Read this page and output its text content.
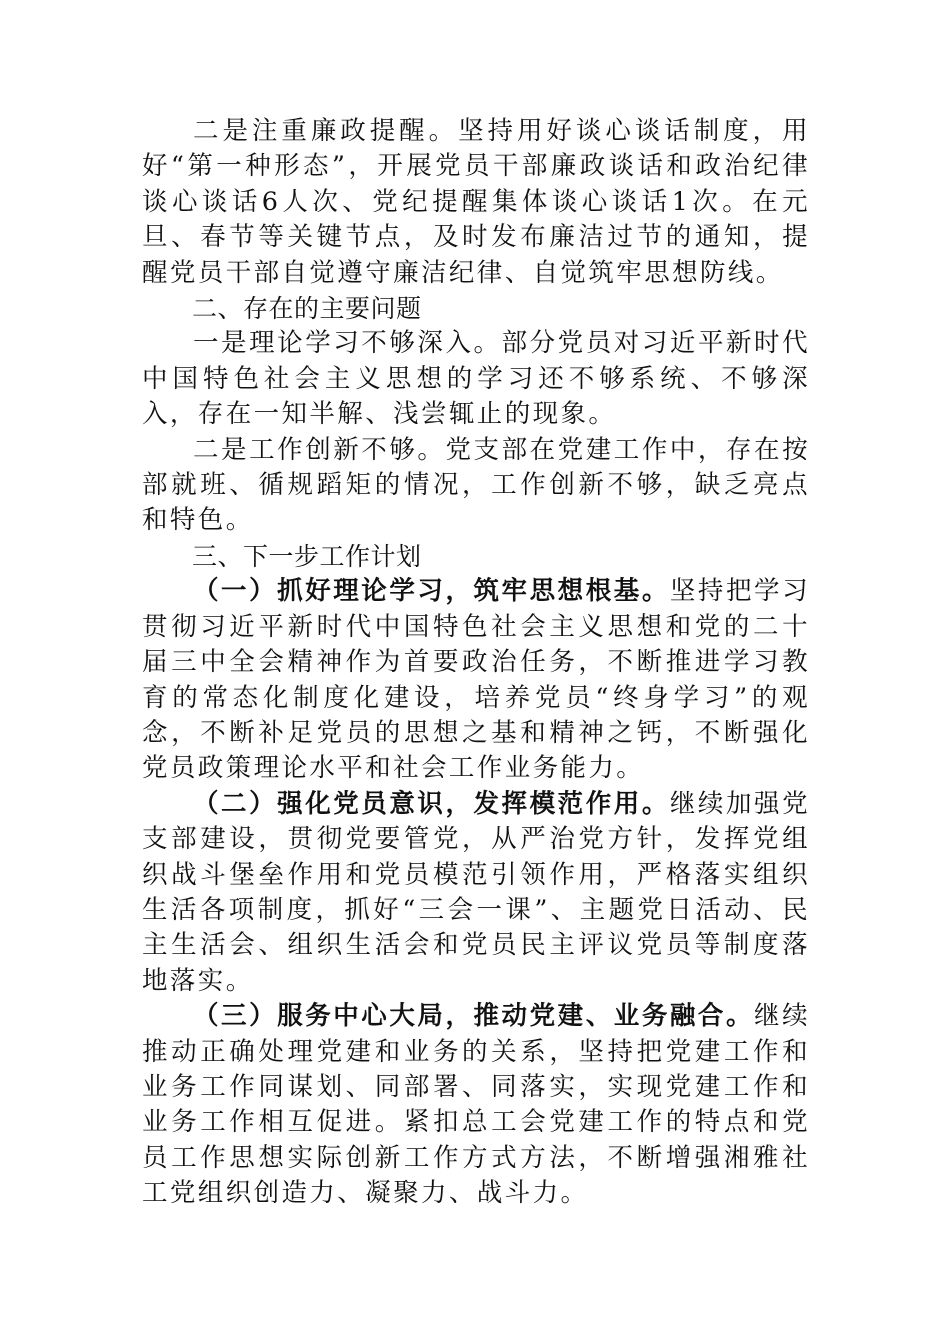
二是注重廉政提醒。坚持用好谈心谈话制度，用好“第一种形态”，开展党员干部廉政谈话和政治纪律谈心谈话6人次、党纪提醒集体谈心谈话1次。在元旦、春节等关键节点，及时发布廉洁过节的通知，提醒党员干部自觉遵守廉洁纪律、自觉筑牢思想防线。

二、存在的主要问题

一是理论学习不够深入。部分党员对习近平新时代中国特色社会主义思想的学习还不够系统、不够深入，存在一知半解、浅尝辄止的现象。

二是工作创新不够。党支部在党建工作中，存在按部就班、循规蹈矩的情况，工作创新不够，缺乏亮点和特色。

三、下一步工作计划

（一）抓好理论学习，筑牢思想根基。坚持把学习贯彻习近平新时代中国特色社会主义思想和党的二十届三中全会精神作为首要政治任务，不断推进学习教育的常态化制度化建设，培养党员“终身学习”的观念，不断补足党员的思想之基和精神之钙，不断强化党员政策理论水平和社会工作业务能力。

（二）强化党员意识，发挥模范作用。继续加强党支部建设，贯彻党要管党，从严治党方针，发挥党组织战斗堡垒作用和党员模范引领作用，严格落实组织生活各项制度，抓好“三会一课”、主题党日活动、民主生活会、组织生活会和党员民主评议党员等制度落地落实。

（三）服务中心大局，推动党建、业务融合。继续推动正确处理党建和业务的关系，坚持把党建工作和业务工作同谋划、同部署、同落实，实现党建工作和业务工作相互促进。紧扣总工会党建工作的特点和党员工作思想实际创新工作方式方法，不断增强湘雅社工党组织创造力、凝聚力、战斗力。
